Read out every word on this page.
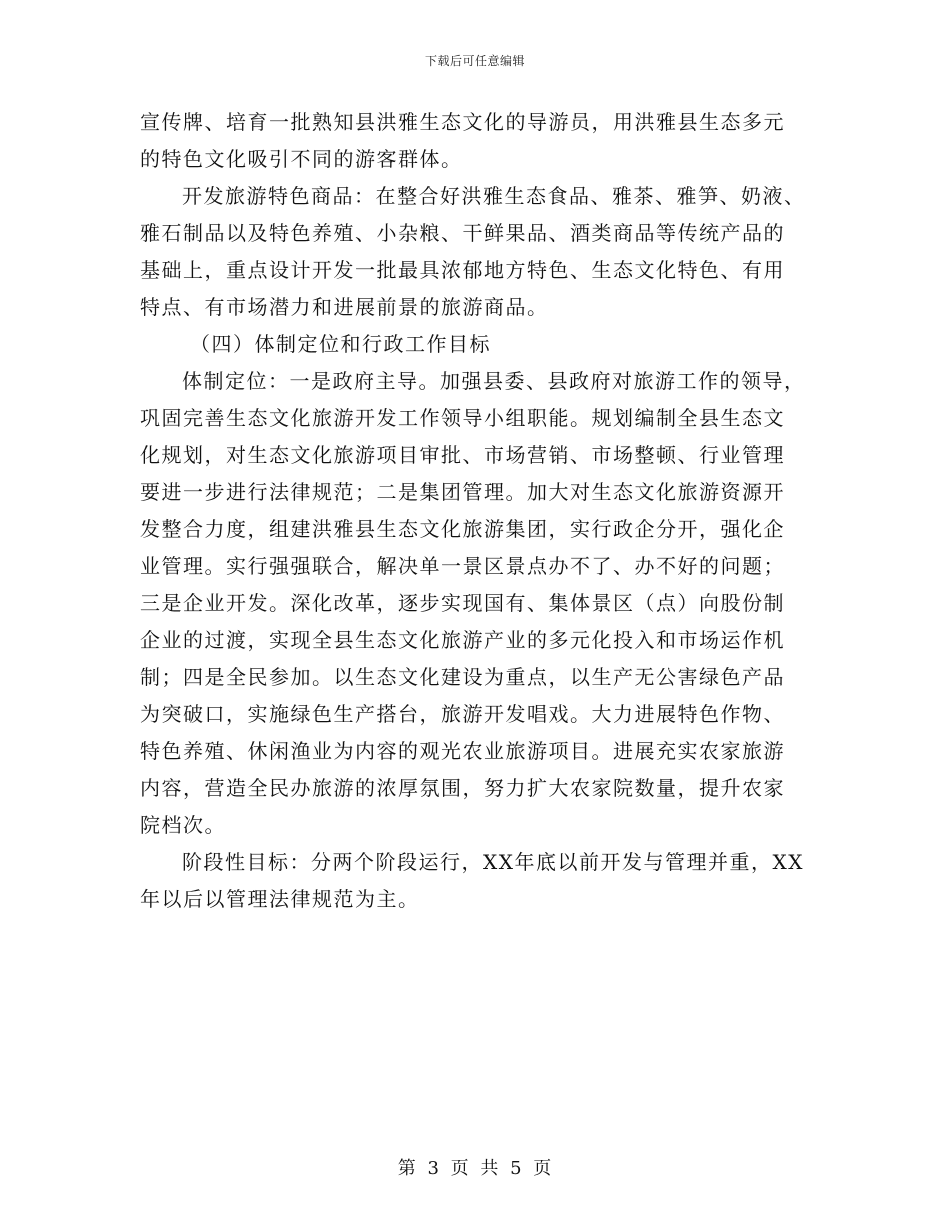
下载后可任意编辑
宣传牌、培育一批熟知县洪雅生态文化的导游员，用洪雅县生态多元
的特色文化吸引不同的游客群体。
开发旅游特色商品：在整合好洪雅生态食品、雅茶、雅笋、奶液、
雅石制品以及特色养殖、小杂粮、干鲜果品、酒类商品等传统产品的
基础上，重点设计开发一批最具浓郁地方特色、生态文化特色、有用
特点、有市场潜力和进展前景的旅游商品。
（四）体制定位和行政工作目标
体制定位：一是政府主导。加强县委、县政府对旅游工作的领导，
巩固完善生态文化旅游开发工作领导小组职能。规划编制全县生态文
化规划，对生态文化旅游项目审批、市场营销、市场整顿、行业管理
要进一步进行法律规范；二是集团管理。加大对生态文化旅游资源开
发整合力度，组建洪雅县生态文化旅游集团，实行政企分开，强化企
业管理。实行强强联合，解决单一景区景点办不了、办不好的问题；
三是企业开发。深化改革，逐步实现国有、集体景区（点）向股份制
企业的过渡，实现全县生态文化旅游产业的多元化投入和市场运作机
制；四是全民参加。以生态文化建设为重点，以生产无公害绿色产品
为突破口，实施绿色生产搭台，旅游开发唱戏。大力进展特色作物、
特色养殖、休闲渔业为内容的观光农业旅游项目。进展充实农家旅游
内容，营造全民办旅游的浓厚氛围，努力扩大农家院数量，提升农家
院档次。
阶段性目标：分两个阶段运行，XX年底以前开发与管理并重，XX
年以后以管理法律规范为主。
第 3 页 共 5 页
